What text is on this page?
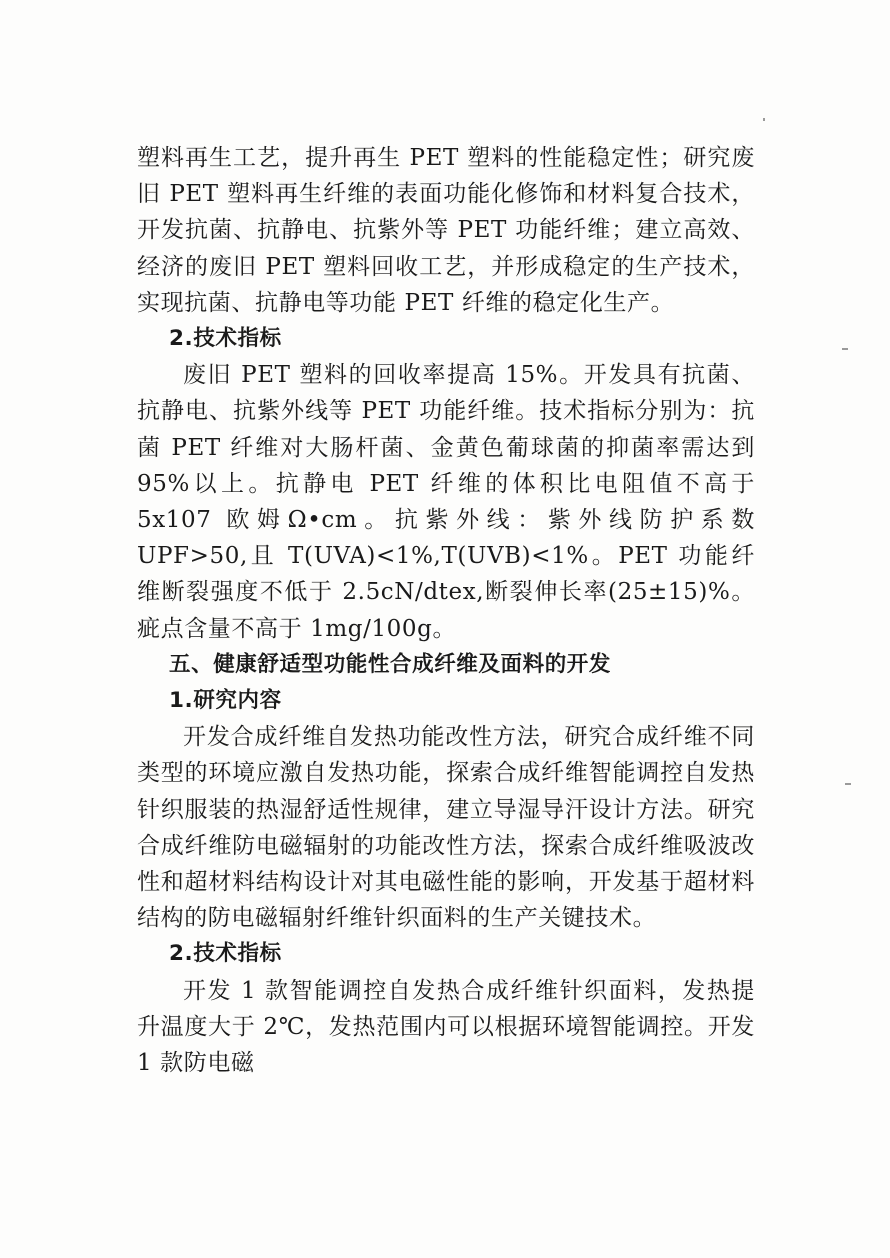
塑料再生工艺，提升再生 PET 塑料的性能稳定性；研究废旧 PET 塑料再生纤维的表面功能化修饰和材料复合技术，开发抗菌、抗静电、抗紫外等 PET 功能纤维；建立高效、经济的废旧 PET 塑料回收工艺，并形成稳定的生产技术，实现抗菌、抗静电等功能 PET 纤维的稳定化生产。

2.技术指标

废旧 PET 塑料的回收率提高 15%。开发具有抗菌、抗静电、抗紫外线等 PET 功能纤维。技术指标分别为：抗菌 PET 纤维对大肠杆菌、金黄色葡球菌的抑菌率需达到 95%以上。抗静电 PET 纤维的体积比电阻值不高于 5x107 欧姆Ω•cm。抗紫外线：紫外线防护系数 UPF>50,且 T(UVA)<1%,T(UVB)<1%。PET 功能纤维断裂强度不低于 2.5cN/dtex,断裂伸长率(25±15)%。疵点含量不高于 1mg/100g。

五、健康舒适型功能性合成纤维及面料的开发

1.研究内容

开发合成纤维自发热功能改性方法，研究合成纤维不同类型的环境应激自发热功能，探索合成纤维智能调控自发热针织服装的热湿舒适性规律，建立导湿导汗设计方法。研究合成纤维防电磁辐射的功能改性方法，探索合成纤维吸波改性和超材料结构设计对其电磁性能的影响，开发基于超材料结构的防电磁辐射纤维针织面料的生产关键技术。

2.技术指标

开发 1 款智能调控自发热合成纤维针织面料，发热提升温度大于 2℃，发热范围内可以根据环境智能调控。开发 1 款防电磁
